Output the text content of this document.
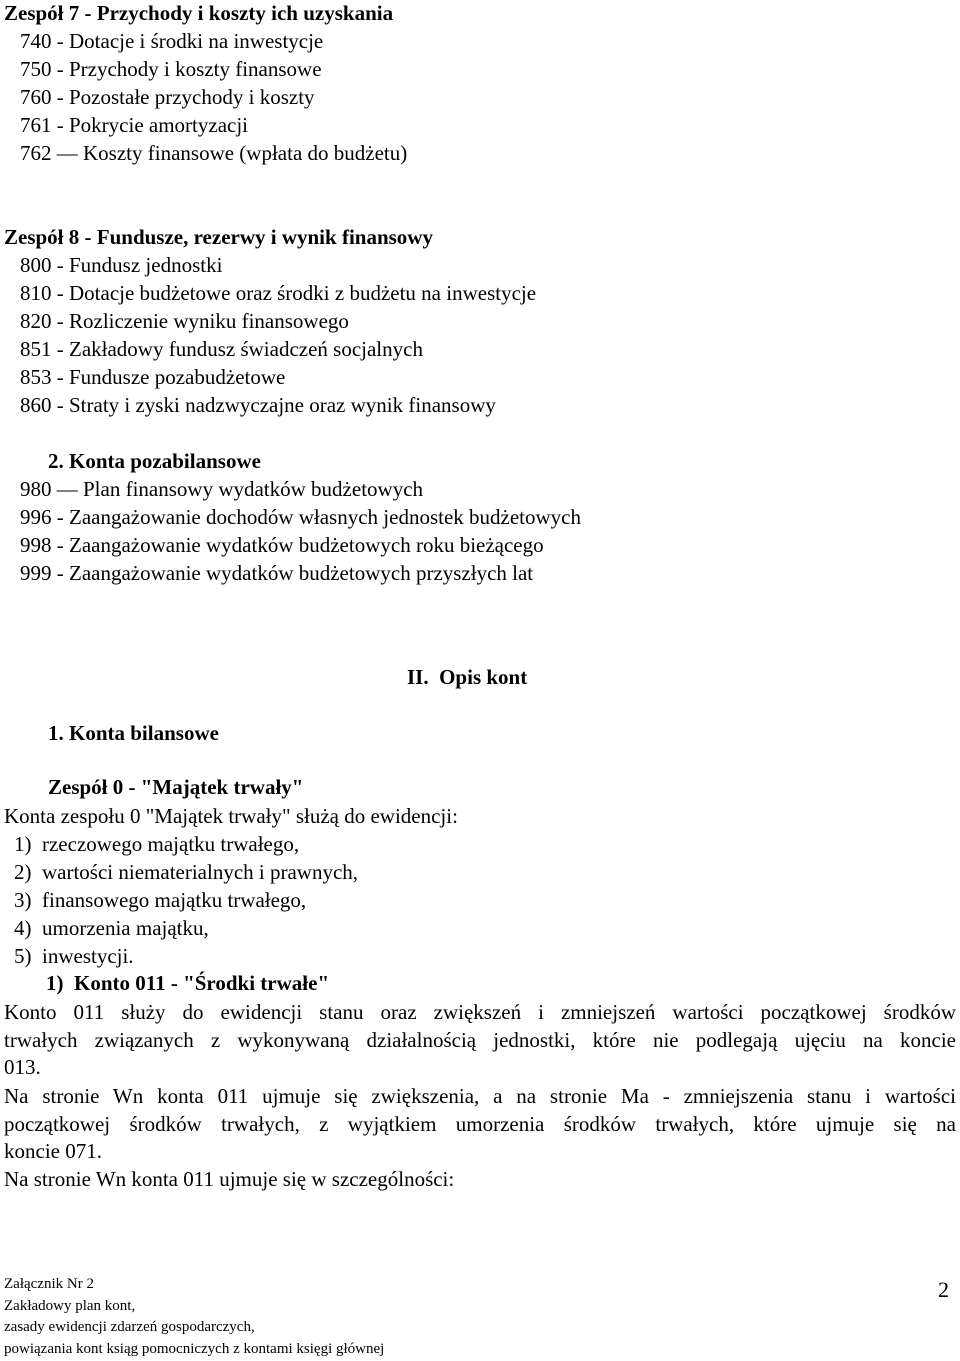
Zespół 7 - Przychody i koszty ich uzyskania
740 - Dotacje i środki na inwestycje
750 - Przychody i koszty finansowe
760 - Pozostałe przychody i koszty
761 - Pokrycie amortyzacji
762 — Koszty finansowe (wpłata do budżetu)
Zespół 8 - Fundusze, rezerwy i wynik finansowy
800 - Fundusz jednostki
810 - Dotacje budżetowe oraz środki z budżetu na inwestycje
820 - Rozliczenie wyniku finansowego
851 - Zakładowy fundusz świadczeń socjalnych
853 - Fundusze pozabudżetowe
860 - Straty i zyski nadzwyczajne oraz wynik finansowy
2. Konta pozabilansowe
980 — Plan finansowy wydatków budżetowych
996 - Zaangażowanie dochodów własnych jednostek budżetowych
998 - Zaangażowanie wydatków budżetowych roku bieżącego
999 - Zaangażowanie wydatków budżetowych przyszłych lat
II.  Opis kont
1. Konta bilansowe
Zespół 0 - "Majątek trwały"
Konta zespołu 0 "Majątek trwały" służą do ewidencji:
1)  rzeczowego majątku trwałego,
2)  wartości niematerialnych i prawnych,
3)  finansowego majątku trwałego,
4)  umorzenia majątku,
5)  inwestycji.
1)  Konto 011 - "Środki trwałe"
Konto 011 służy do ewidencji stanu oraz zwiększeń i zmniejszeń wartości początkowej środków
trwałych związanych z wykonywaną działalnością jednostki, które nie podlegają ujęciu na koncie
013.
Na stronie Wn konta 011 ujmuje się zwiększenia, a na stronie Ma - zmniejszenia stanu i wartości
początkowej środków trwałych, z wyjątkiem umorzenia środków trwałych, które ujmuje się na
koncie 071.
Na stronie Wn konta 011 ujmuje się w szczególności:
Załącznik Nr 2
Zakładowy plan kont,
zasady ewidencji zdarzeń gospodarczych,
powiązania kont ksiąg pomocniczych z kontami księgi głównej
2
